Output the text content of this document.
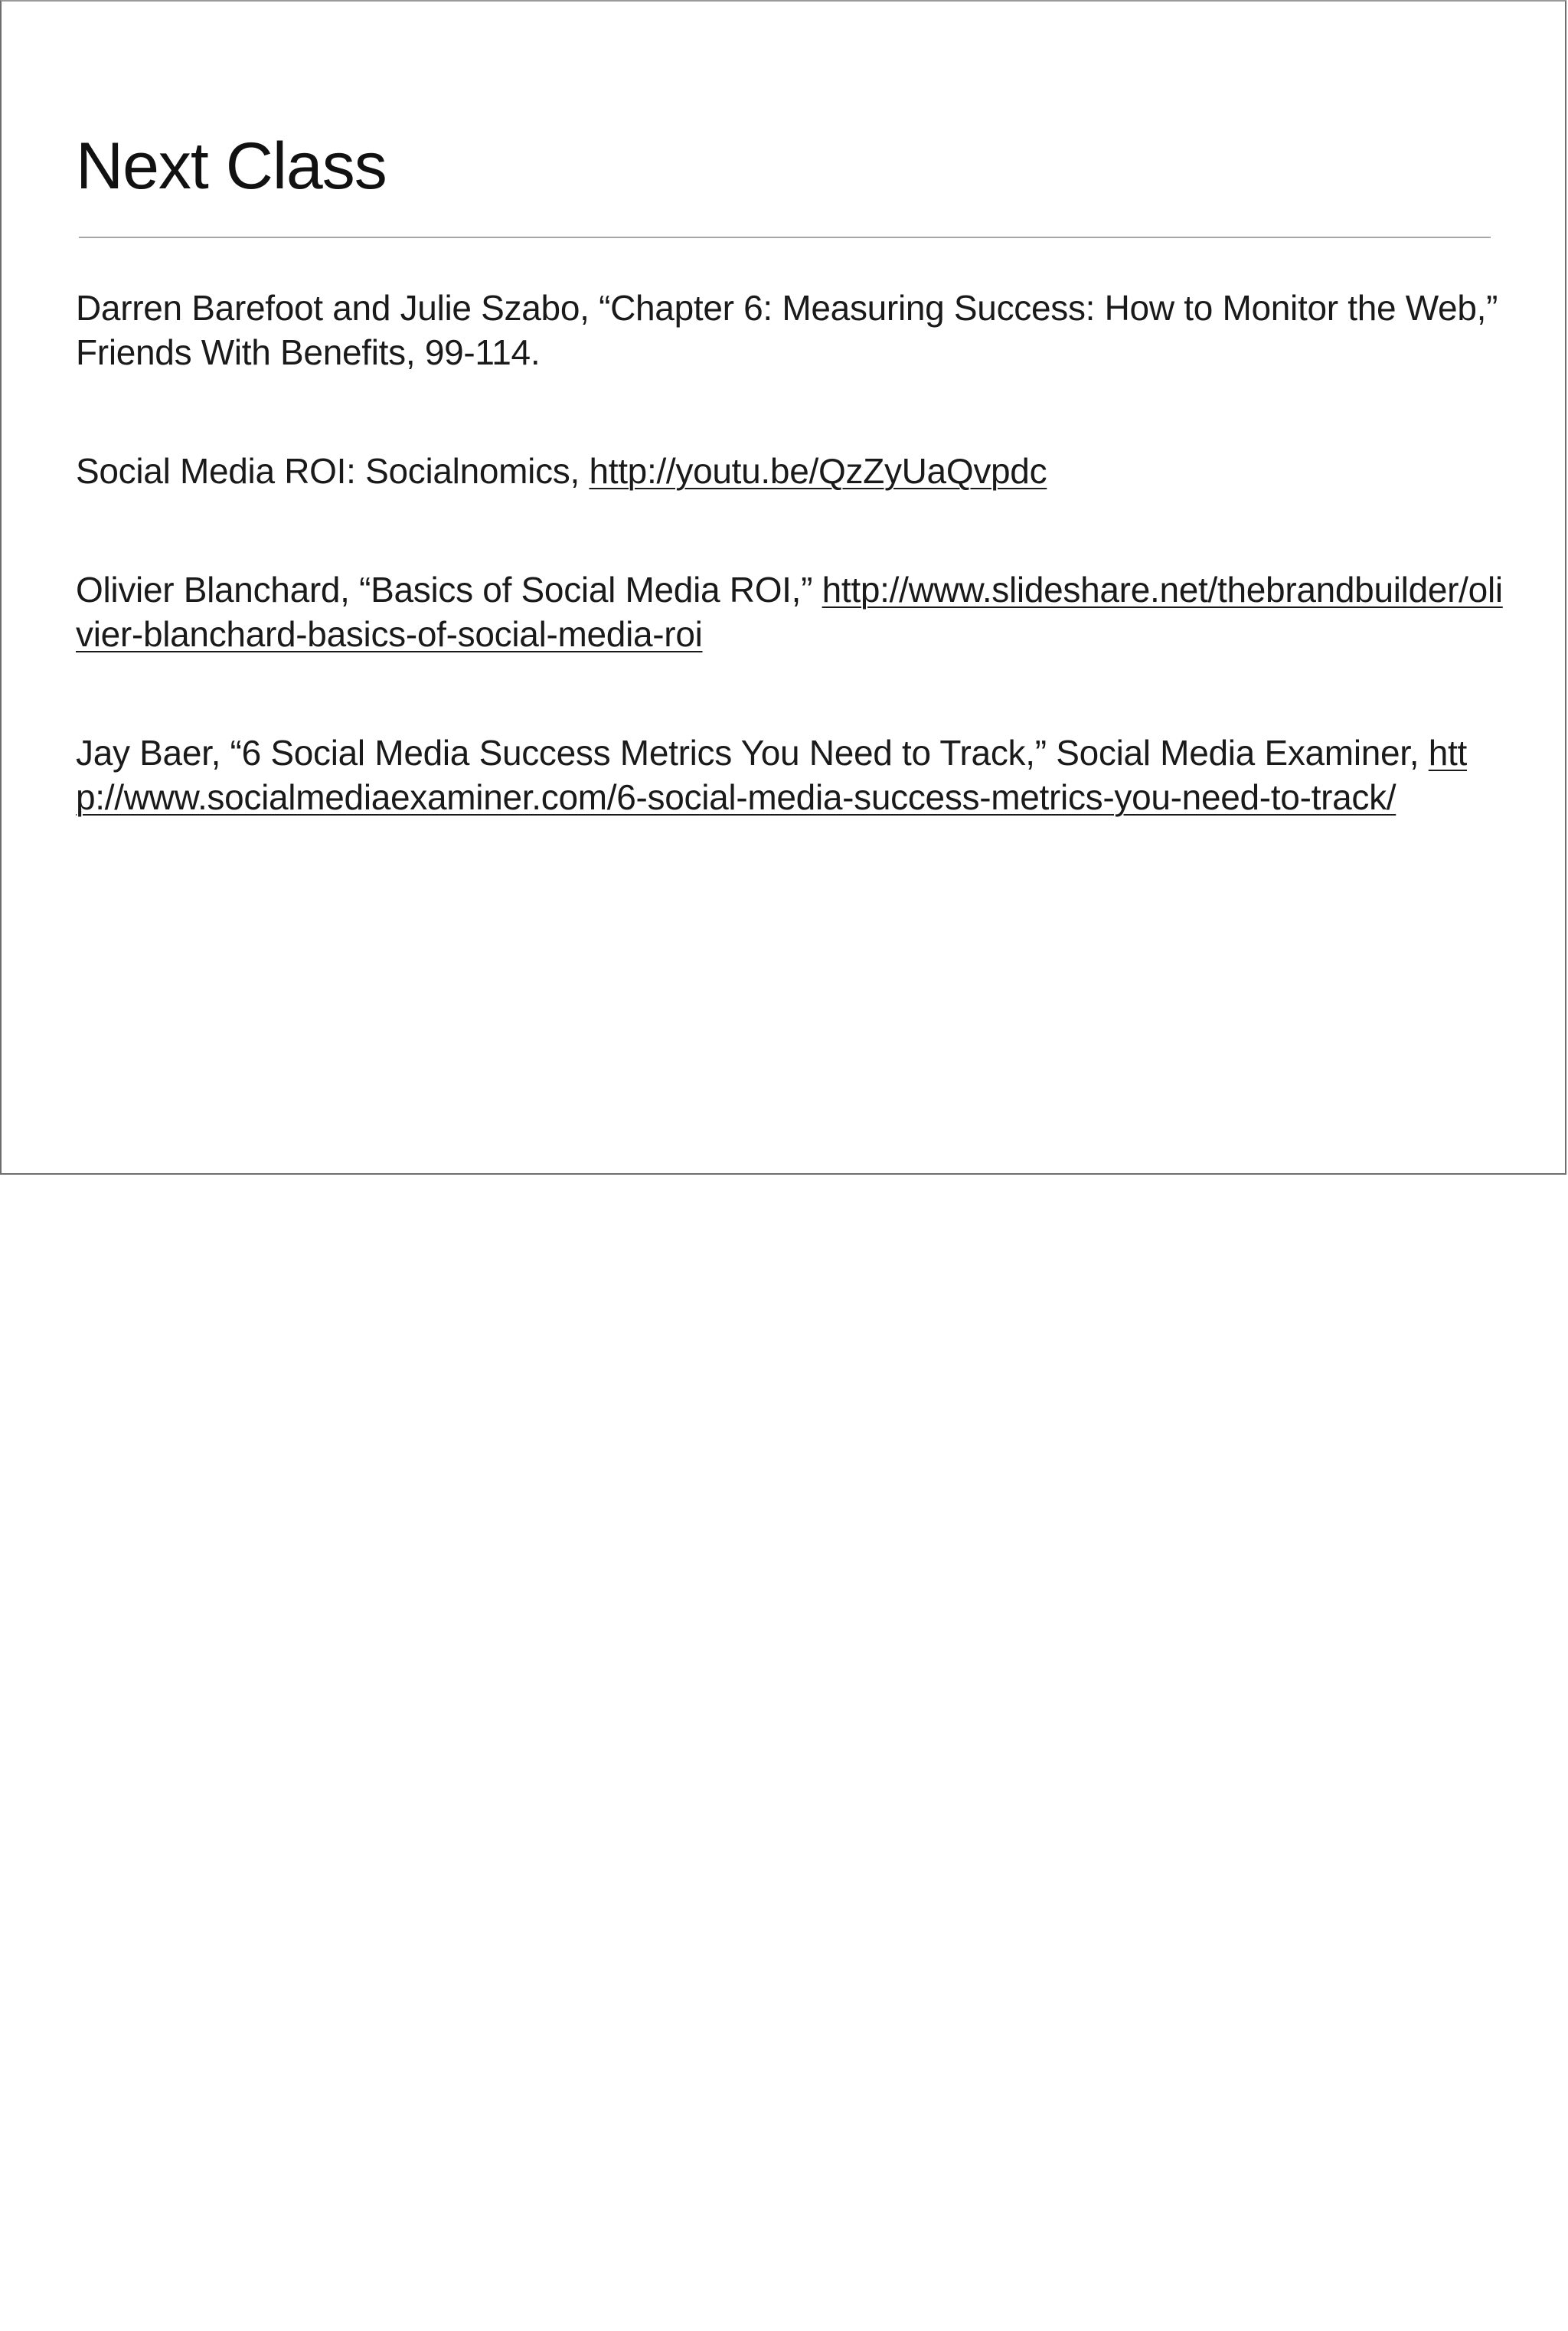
Next Class
Darren Barefoot and Julie Szabo, “Chapter 6: Measuring Success: How to Monitor the Web,” Friends With Benefits, 99-114.
Social Media ROI: Socialnomics, http://youtu.be/QzZyUaQvpdc
Olivier Blanchard, “Basics of Social Media ROI,” http://www.slideshare.net/thebrandbuilder/olivier-blanchard-basics-of-social-media-roi
Jay Baer, “6 Social Media Success Metrics You Need to Track,” Social Media Examiner, http://www.socialmediaexaminer.com/6-social-media-success-metrics-you-need-to-track/
